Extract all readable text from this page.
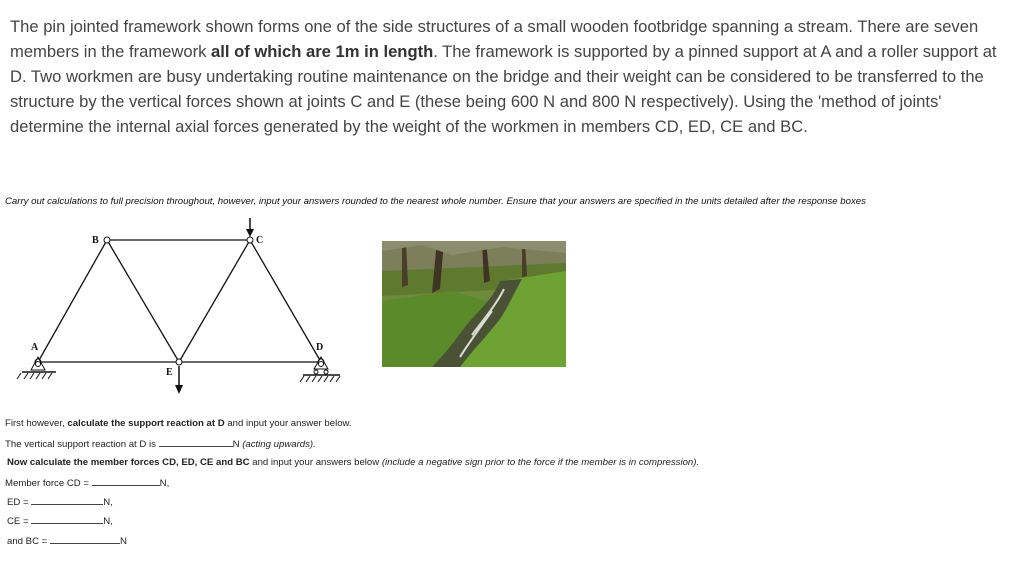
The pin jointed framework shown forms one of the side structures of a small wooden footbridge spanning a stream. There are seven members in the framework all of which are 1m in length. The framework is supported by a pinned support at A and a roller support at D. Two workmen are busy undertaking routine maintenance on the bridge and their weight can be considered to be transferred to the structure by the vertical forces shown at joints C and E (these being 600 N and 800 N respectively). Using the 'method of joints' determine the internal axial forces generated by the weight of the workmen in members CD, ED, CE and BC.
Carry out calculations to full precision throughout, however, input your answers rounded to the nearest whole number. Ensure that your answers are specified in the units detailed after the response boxes
B	C
A	D
E
First however, calculate the support reaction at D and input your answer below.
The vertical support reaction at D is	N (acting upwards).
Now calculate the member forces CD, ED, CE and BC and input your answers below (include a negative sign prior to the force if the member is in compression).
Member force CD =	N,
ED =	N,
CE =	N,
and BC =	N
